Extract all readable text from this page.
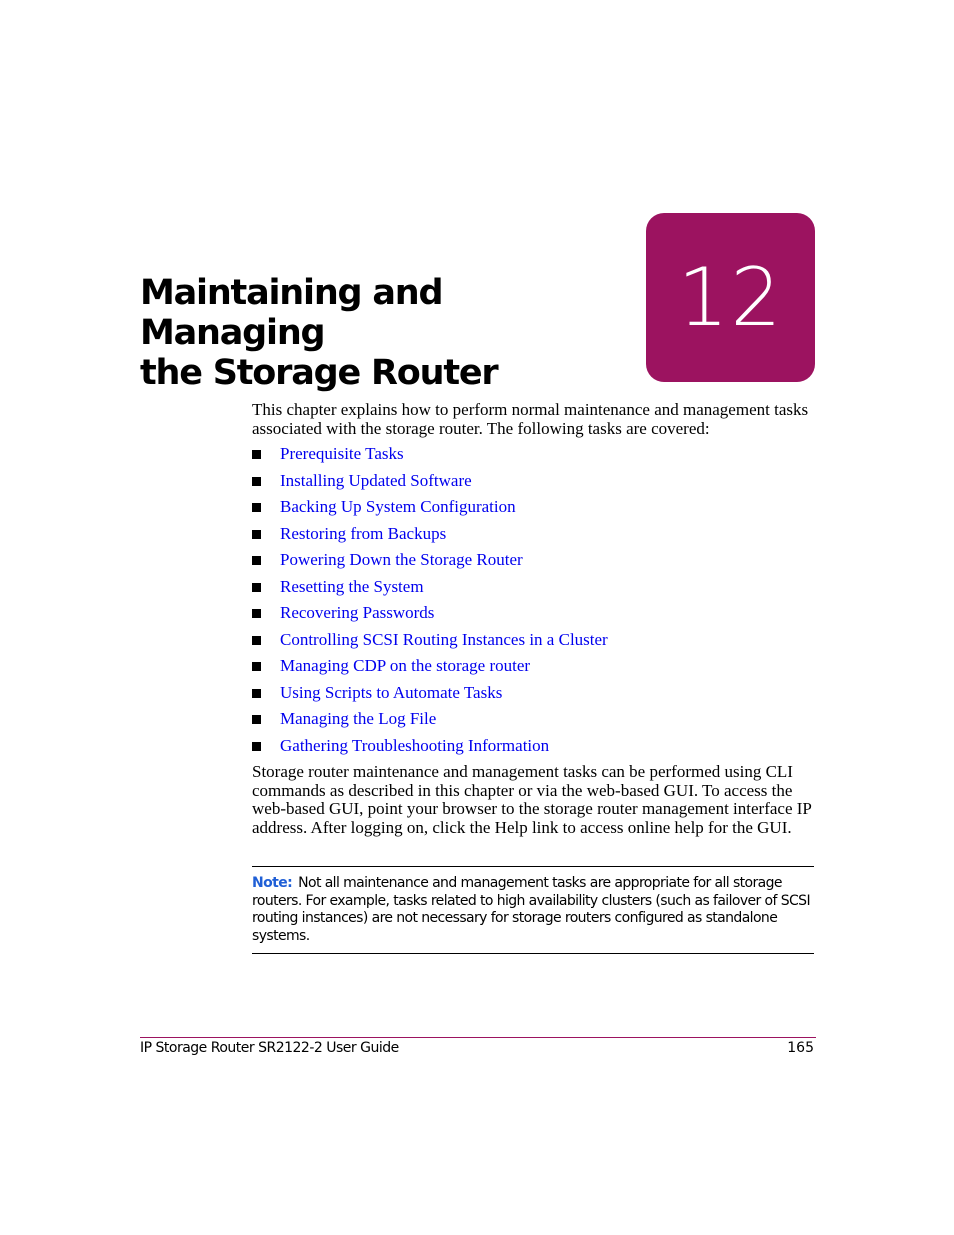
Maintaining and Managing
the Storage Router
12

This chapter explains how to perform normal maintenance and management tasks associated with the storage router. The following tasks are covered:

Prerequisite Tasks
Installing Updated Software
Backing Up System Configuration
Restoring from Backups
Powering Down the Storage Router
Resetting the System
Recovering Passwords
Controlling SCSI Routing Instances in a Cluster
Managing CDP on the storage router
Using Scripts to Automate Tasks
Managing the Log File
Gathering Troubleshooting Information

Storage router maintenance and management tasks can be performed using CLI commands as described in this chapter or via the web-based GUI. To access the web-based GUI, point your browser to the storage router management interface IP address. After logging on, click the Help link to access online help for the GUI.

Note: Not all maintenance and management tasks are appropriate for all storage routers. For example, tasks related to high availability clusters (such as failover of SCSI routing instances) are not necessary for storage routers configured as standalone systems.

IP Storage Router SR2122-2 User Guide	165
